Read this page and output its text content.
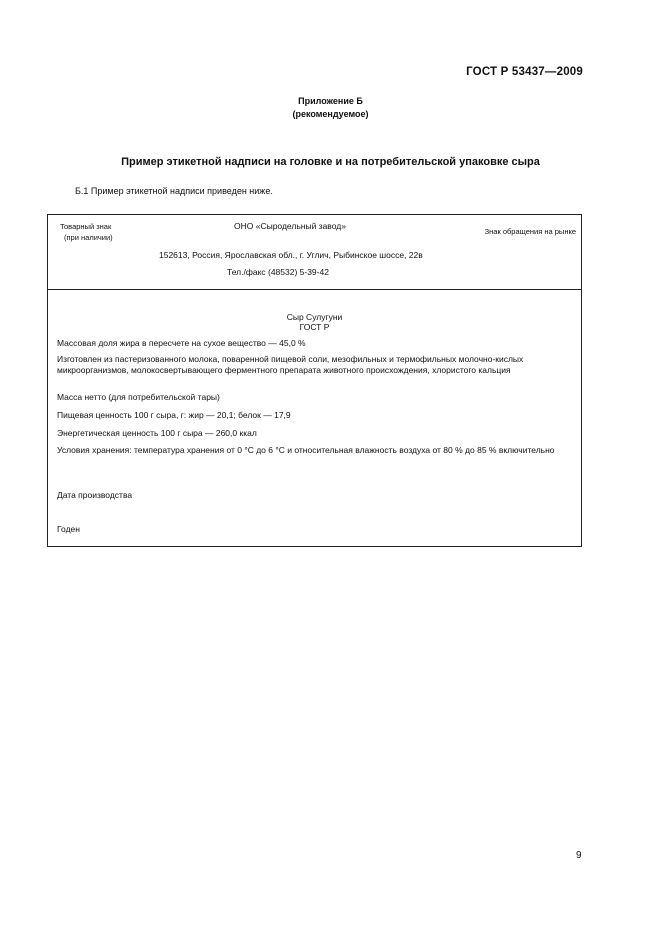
ГОСТ Р 53437—2009
Приложение Б
(рекомендуемое)
Пример этикетной надписи на головке и на потребительской упаковке сыра
Б.1 Пример этикетной надписи приведен ниже.
Товарный знак
(при наличии)
ОНО «Сыродельный завод»
Знак обращения на рынке
152613, Россия, Ярославская обл., г. Углич, Рыбинское шоссе, 22в
Тел./факс (48532) 5-39-42
Сыр Сулугуни
ГОСТ Р
Массовая доля жира в пересчете на сухое вещество — 45,0 %
Изготовлен из пастеризованного молока, поваренной пищевой соли, мезофильных и термофильных молочно-кислых микроорганизмов, молокосвертывающего ферментного препарата животного происхождения, хлористого кальция
Масса нетто (для потребительской тары)
Пищевая ценность 100 г сыра, г: жир — 20,1; белок — 17,9
Энергетическая ценность 100 г сыра — 260,0 ккал
Условия хранения: температура хранения от 0 °С до 6 °С и относительная влажность воздуха от 80 % до 85 % включительно
Дата производства
Годен
9
